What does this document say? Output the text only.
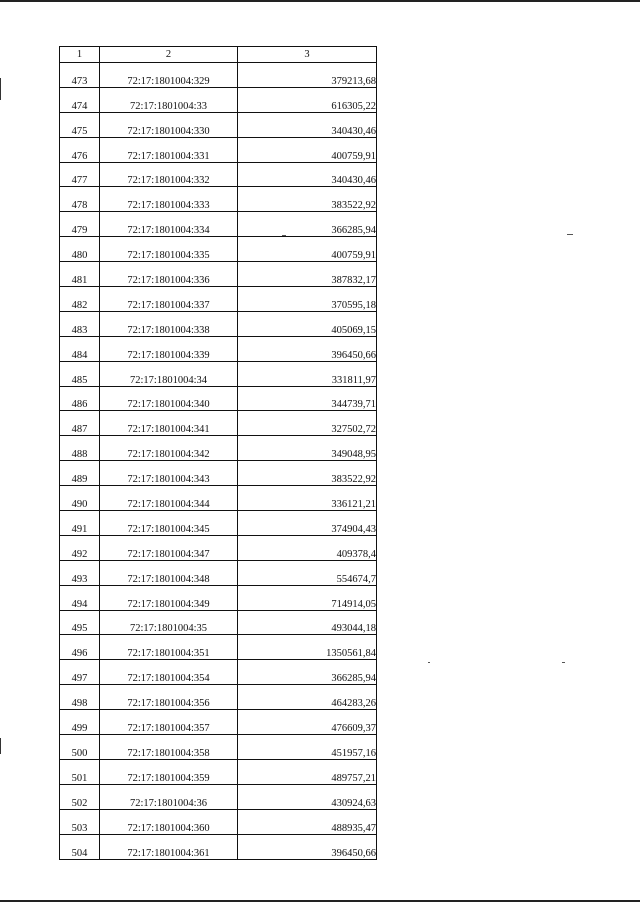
1	2	3
473	72:17:1801004:329	379213,68
474	72:17:1801004:33	616305,22
475	72:17:1801004:330	340430,46
476	72:17:1801004:331	400759,91
477	72:17:1801004:332	340430,46
478	72:17:1801004:333	383522,92
479	72:17:1801004:334	366285,94
480	72:17:1801004:335	400759,91
481	72:17:1801004:336	387832,17
482	72:17:1801004:337	370595,18
483	72:17:1801004:338	405069,15
484	72:17:1801004:339	396450,66
485	72:17:1801004:34	331811,97
486	72:17:1801004:340	344739,71
487	72:17:1801004:341	327502,72
488	72:17:1801004:342	349048,95
489	72:17:1801004:343	383522,92
490	72:17:1801004:344	336121,21
491	72:17:1801004:345	374904,43
492	72:17:1801004:347	409378,4
493	72:17:1801004:348	554674,7
494	72:17:1801004:349	714914,05
495	72:17:1801004:35	493044,18
496	72:17:1801004:351	1350561,84
497	72:17:1801004:354	366285,94
498	72:17:1801004:356	464283,26
499	72:17:1801004:357	476609,37
500	72:17:1801004:358	451957,16
501	72:17:1801004:359	489757,21
502	72:17:1801004:36	430924,63
503	72:17:1801004:360	488935,47
504	72:17:1801004:361	396450,66
